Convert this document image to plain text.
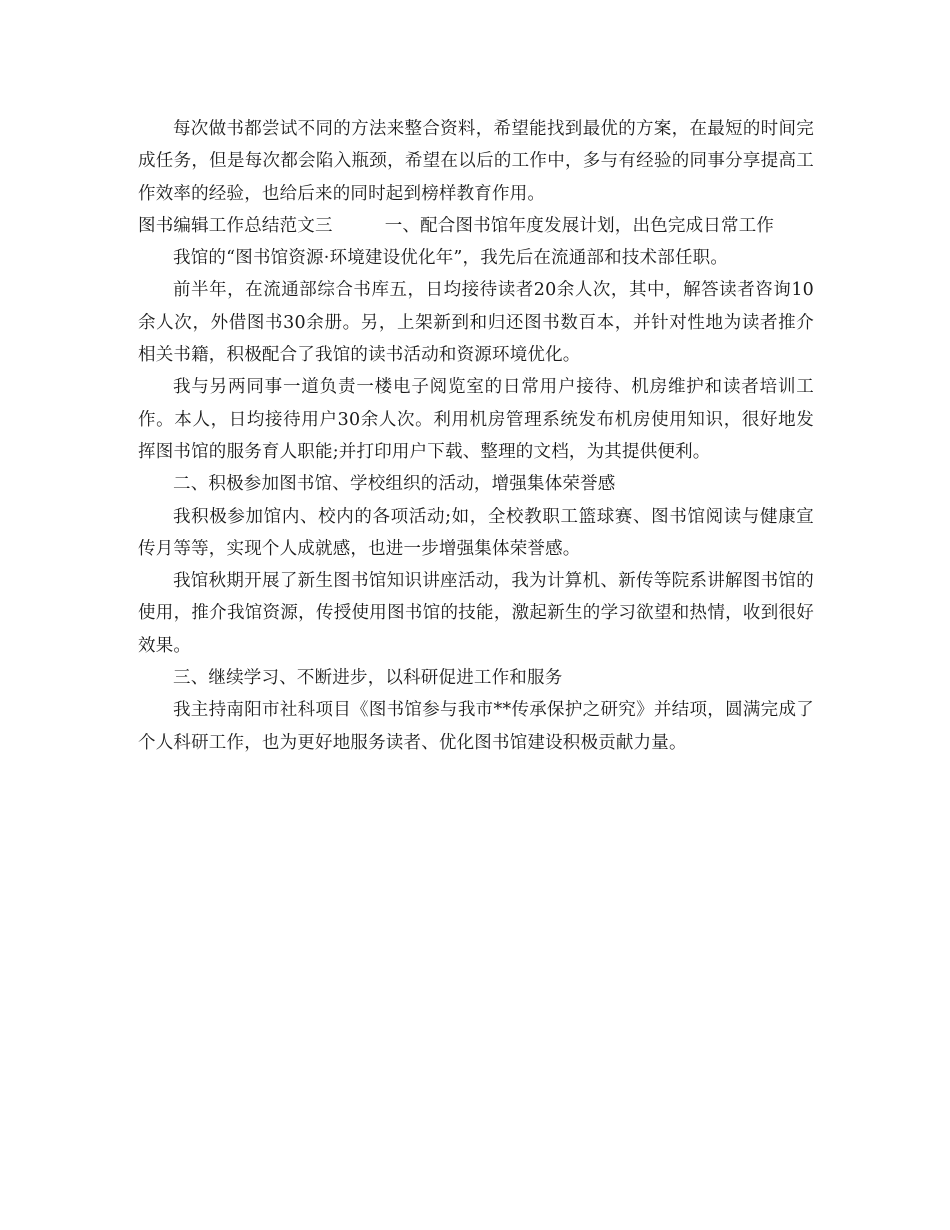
每次做书都尝试不同的方法来整合资料，希望能找到最优的方案，在最短的时间完成任务，但是每次都会陷入瓶颈，希望在以后的工作中，多与有经验的同事分享提高工作效率的经验，也给后来的同时起到榜样教育作用。

图书编辑工作总结范文三	一、配合图书馆年度发展计划，出色完成日常工作

我馆的“图书馆资源·环境建设优化年”，我先后在流通部和技术部任职。

前半年，在流通部综合书库五，日均接待读者20余人次，其中，解答读者咨询10余人次，外借图书30余册。另，上架新到和归还图书数百本，并针对性地为读者推介相关书籍，积极配合了我馆的读书活动和资源环境优化。

我与另两同事一道负责一楼电子阅览室的日常用户接待、机房维护和读者培训工作。本人，日均接待用户30余人次。利用机房管理系统发布机房使用知识，很好地发挥图书馆的服务育人职能;并打印用户下载、整理的文档，为其提供便利。

二、积极参加图书馆、学校组织的活动，增强集体荣誉感

我积极参加馆内、校内的各项活动;如，全校教职工篮球赛、图书馆阅读与健康宣传月等等，实现个人成就感，也进一步增强集体荣誉感。

我馆秋期开展了新生图书馆知识讲座活动，我为计算机、新传等院系讲解图书馆的使用，推介我馆资源，传授使用图书馆的技能，激起新生的学习欲望和热情，收到很好效果。

三、继续学习、不断进步，以科研促进工作和服务

我主持南阳市社科项目《图书馆参与我市**传承保护之研究》并结项，圆满完成了个人科研工作，也为更好地服务读者、优化图书馆建设积极贡献力量。
